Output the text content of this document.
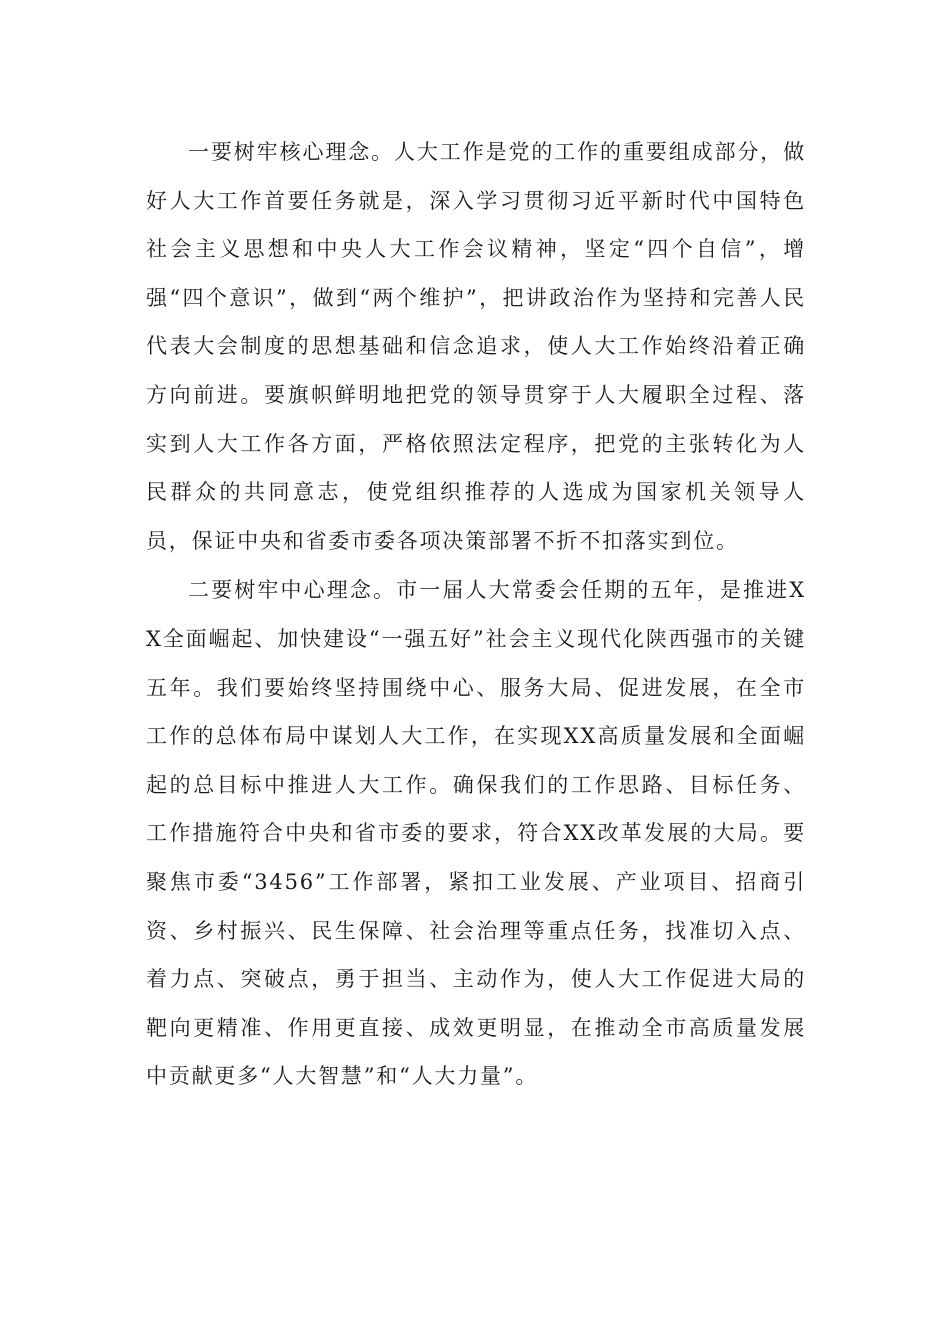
一要树牢核心理念。人大工作是党的工作的重要组成部分，做好人大工作首要任务就是，深入学习贯彻习近平新时代中国特色社会主义思想和中央人大工作会议精神，坚定“四个自信”，增强“四个意识”，做到“两个维护”，把讲政治作为坚持和完善人民代表大会制度的思想基础和信念追求，使人大工作始终沿着正确方向前进。要旗帜鲜明地把党的领导贯穿于人大履职全过程、落实到人大工作各方面，严格依照法定程序，把党的主张转化为人民群众的共同意志，使党组织推荐的人选成为国家机关领导人员，保证中央和省委市委各项决策部署不折不扣落实到位。

二要树牢中心理念。市一届人大常委会任期的五年，是推进XX全面崛起、加快建设“一强五好”社会主义现代化陕西强市的关键五年。我们要始终坚持围绕中心、服务大局、促进发展，在全市工作的总体布局中谋划人大工作，在实现XX高质量发展和全面崛起的总目标中推进人大工作。确保我们的工作思路、目标任务、工作措施符合中央和省市委的要求，符合XX改革发展的大局。要聚焦市委“3456”工作部署，紧扣工业发展、产业项目、招商引资、乡村振兴、民生保障、社会治理等重点任务，找准切入点、着力点、突破点，勇于担当、主动作为，使人大工作促进大局的靶向更精准、作用更直接、成效更明显，在推动全市高质量发展中贡献更多“人大智慧”和“人大力量”。
